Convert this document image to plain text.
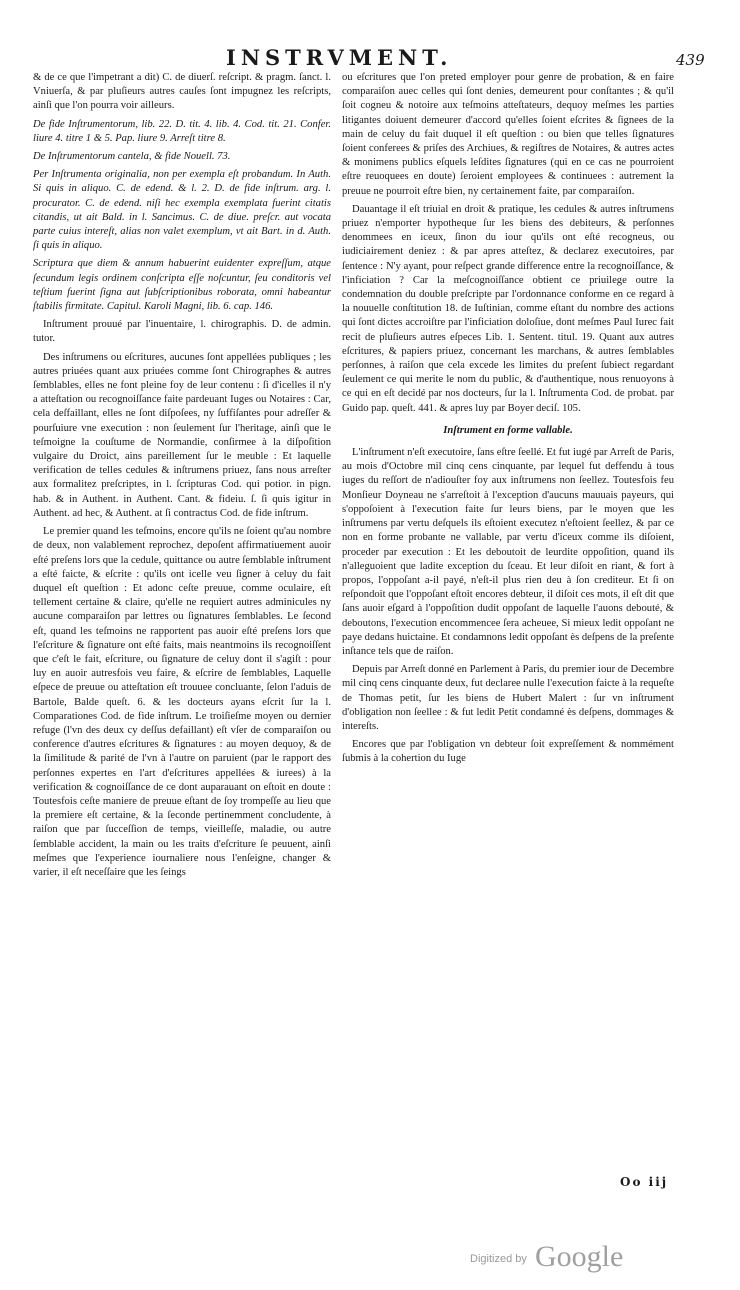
INSTRVMENT.	439

& de ce que l'impetrant a dit) C. de diuerſ. reſcript. & pragm. ſanct. l. Vniuerſa, & par pluſieurs autres cauſes ſont impugnez les reſcripts, ainſi que l'on pourra voir ailleurs.

De fide Inſtrumentorum, lib. 22. D. tit. 4. lib. 4. Cod. tit. 21. Confer. liure 4. titre 1 & 5. Pap. liure 9. Arreſt titre 8.

De Inſtrumentorum cantela, & fide Nouell. 73.

Per Inſtrumenta originalia, non per exempla eſt probandum. In Auth. Si quis in aliquo. C. de edend. & l. 2. D. de fide inſtrum. arg. l. procurator. C. de edend. niſi hec exempla exemplata fuerint citatis citandis, ut ait Bald. in l. Sancimus. C. de diue. preſcr. aut vocata parte cuius intereſt, alias non valet exemplum, vt ait Bart. in d. Auth. ſi quis in aliquo.

Scriptura que diem & annum habuerint euidenter expreſſum, atque ſecundum legis ordinem conſcripta eſſe noſcuntur, ſeu conditoris vel teſtium fuerint ſigna aut ſubſcriptionibus roborata, omni habeantur ſtabilis firmitate. Capitul. Karoli Magni, lib. 6. cap. 146.

Inſtrument prouué par l'inuentaire, l. chirographis. D. de admin. tutor.

Des inſtrumens ou eſcritures, aucunes ſont appellées publiques ; les autres priuées quant aux priuées comme ſont Chirographes & autres ſemblables, elles ne font pleine foy de leur contenu : ſi d'icelles il n'y a atteſtation ou recognoiſſance faite pardeuant Iuges ou Notaires : Car, cela deſfaillant, elles ne ſont diſpoſees, ny ſuffiſantes pour adreſſer & pourſuiure vne execution : non ſeulement ſur l'heritage, ainſi que le teſmoigne la couſtume de Normandie, conſirmee à la diſpoſition vulgaire du Droict, ains pareillement ſur le meuble : Et laquelle verification de telles cedules & inſtrumens priuez, ſans nous arreſter aux formalitez preſcriptes, in l. ſcripturas Cod. qui potior. in pign. hab. & in Authent. in Authent. Cant. & fideiu. ſ. ſi quis igitur in Authent. ad hec, & Authent. at ſi contractus Cod. de fide inſtrum.

Le premier quand les teſmoins, encore qu'ils ne ſoient qu'au nombre de deux, non valablement reprochez, depoſent affirmatiuement auoir eſté preſens lors que la cedule, quittance ou autre ſemblable inſtrument a eſté faicte, & eſcrite : qu'ils ont icelle veu ſigner à celuy du fait duquel eſt queſtion : Et adonc ceſte preuue, comme oculaire, eſt tellement certaine & claire, qu'elle ne requiert autres adminicules ny aucune comparaiſon par lettres ou ſignatures ſemblables. Le ſecond eſt, quand les teſmoins ne rapportent pas auoir eſté preſens lors que l'eſcriture & ſignature ont eſté faits, mais neantmoins ils recognoiſſent que c'eſt le fait, eſcriture, ou ſignature de celuy dont il s'agiſt : pour luy en auoir autresfois veu faire, & eſcrire de ſemblables, Laquelle eſpece de preuue ou atteſtation eſt trouuee concluante, ſelon l'aduis de Bartole, Balde queſt. 6. & les docteurs ayans eſcrit ſur la l. Comparationes Cod. de fide inſtrum. Le troiſieſme moyen ou dernier refuge (l'vn des deux cy deſſus defaillant) eſt vſer de comparaiſon ou conference d'autres eſcritures & ſignatures : au moyen dequoy, & de la ſimilitude & parité de l'vn à l'autre on paruient (par le rapport des perſonnes expertes en l'art d'eſcritures appellées & iurees) à la verification & cognoiſſance de ce dont auparauant on eſtoit en doute : Toutesfois ceſte maniere de preuue eſtant de ſoy trompeſſe au lieu que la premiere eſt certaine, & la ſeconde pertinemment concludente, à raiſon que par ſucceſſion de temps, vieilleſſe, maladie, ou autre ſemblable accident, la main ou les traits d'eſcriture ſe peuuent, ainſi meſmes que l'experience iournaliere nous l'enſeigne, changer & varier, il eſt neceſſaire que les ſeings

ou eſcritures que l'on preted employer pour genre de probation, & en faire comparaiſon auec celles qui ſont denies, demeurent pour conſtantes ; & qu'il ſoit cogneu & notoire aux teſmoins atteſtateurs, dequoy meſmes les parties litigantes doiuent demeurer d'accord qu'elles ſoient eſcrites & ſignees de la main de celuy du fait duquel il eſt queſtion : ou bien que telles ſignatures ſoient conferees & priſes des Archiues, & regiſtres de Notaires, & autres actes & monimens publics eſquels leſdites ſignatures (qui en ce cas ne pourroient eſtre reuoquees en doute) ſeroient employees & continuees : autrement la preuue ne pourroit eſtre bien, ny certainement faite, par comparaiſon.

Dauantage il eſt triuial en droit & pratique, les cedules & autres inſtrumens priuez n'emporter hypotheque ſur les biens des debiteurs, & perſonnes denommees en iceux, ſinon du iour qu'ils ont eſté recogneus, ou iudiciairement deniez : & par apres atteſtez, & declarez executoires, par ſentence : N'y ayant, pour reſpect grande difference entre la recognoiſſance, & l'inficiation ? Car la meſcognoiſſance obtient ce priuilege outre la condemnation du double preſcripte par l'ordonnance conforme en ce regard à la nouuelle conſtitution 18. de Iuſtinian, comme eſtant du nombre des actions qui ſont dictes accroiſtre par l'inficiation doloſiue, dont meſmes Paul Iurec fait recit de pluſieurs autres eſpeces Lib. 1. Sentent. titul. 19. Quant aux autres eſcritures, & papiers priuez, concernant les marchans, & autres ſemblables perſonnes, à raiſon que cela excede les limites du preſent ſubiect regardant ſeulement ce qui merite le nom du public, & d'authentique, nous renuoyons à ce qui en eſt decidé par nos docteurs, ſur la l. Inſtrumenta Cod. de probat. par Guido pap. queſt. 441. & apres luy par Boyer deciſ. 105.

Inſtrument en forme vallable.

L'inſtrument n'eſt executoire, ſans eſtre ſeellé. Et fut iugé par Arreſt de Paris, au mois d'Octobre mil cinq cens cinquante, par lequel fut deffendu à tous iuges du reſſort de n'adiouſter foy aux inſtrumens non ſeellez. Toutesfois feu Monſieur Doyneau ne s'arreſtoit à l'exception d'aucuns mauuais payeurs, qui s'oppoſoient à l'execution faite ſur leurs biens, par le moyen que les inſtrumens par vertu deſquels ils eſtoient executez n'eſtoient ſeellez, & par ce non en forme probante ne vallable, par vertu d'iceux comme ils diſoient, proceder par execution : Et les deboutoit de leurdite oppoſition, quand ils n'alleguoient que ladite exception du ſceau. Et leur diſoit en riant, & fort à propos, l'oppoſant a-il payé, n'eſt-il plus rien deu à ſon crediteur. Et ſi on reſpondoit que l'oppoſant eſtoit encores debteur, il diſoit ces mots, il eſt dit que ſans auoir eſgard à l'oppoſition dudit oppoſant de laquelle l'auons debouté, & deboutons, l'execution encommencee ſera acheuee, Si mieux ledit oppoſant ne paye dedans huictaine. Et condamnons ledit oppoſant ès deſpens de la preſente inſtance tels que de raiſon.

Depuis par Arreſt donné en Parlement à Paris, du premier iour de Decembre mil cinq cens cinquante deux, fut declaree nulle l'execution faicte à la requeſte de Thomas petit, ſur les biens de Hubert Malert : ſur vn inſtrument d'obligation non ſeellee : & fut ledit Petit condamné ès deſpens, dommages & intereſts.

Encores que par l'obligation vn debteur ſoit expreſſement & nommément ſubmis à la cohertion du Iuge

Oo iij
Digitized by Google
